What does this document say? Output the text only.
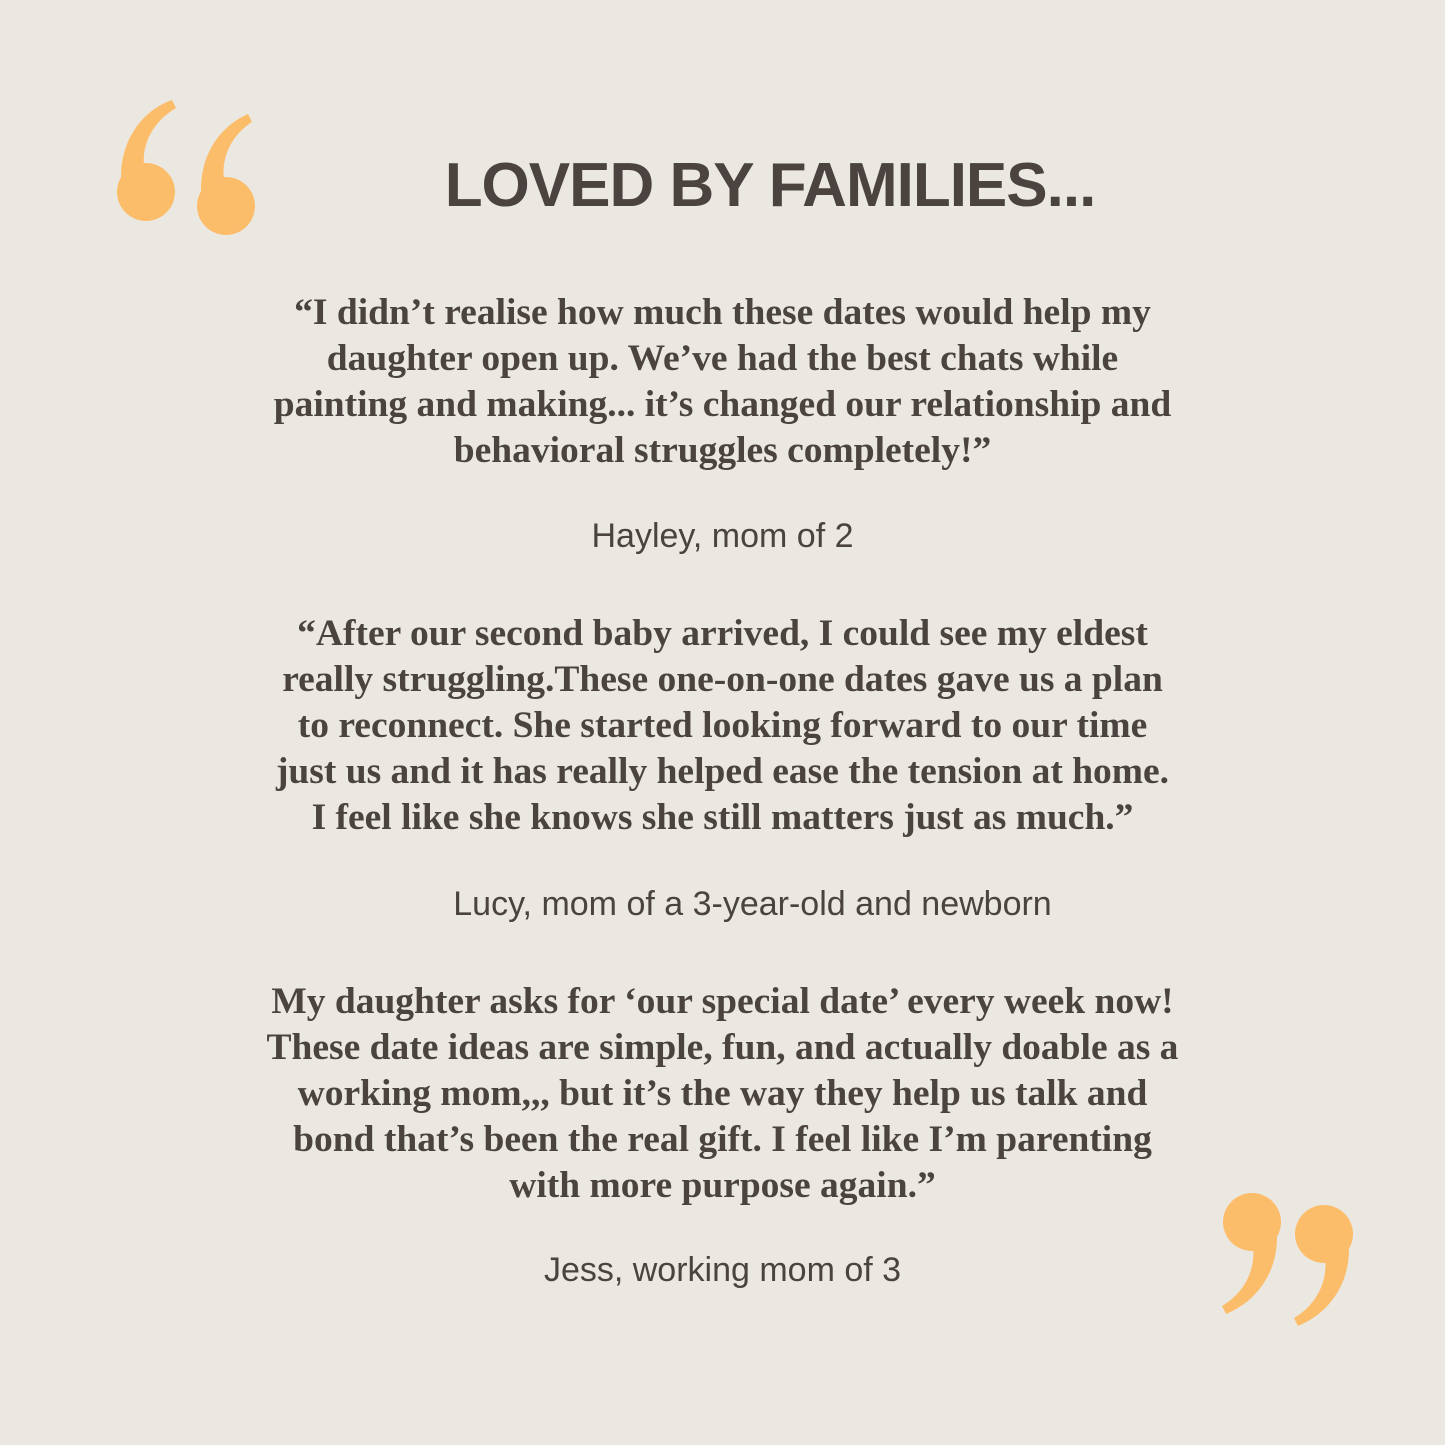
LOVED BY FAMILIES...

“I didn’t realise how much these dates would help my
daughter open up. We’ve had the best chats while
painting and making... it’s changed our relationship and
behavioral struggles completely!”

Hayley, mom of 2

“After our second baby arrived, I could see my eldest
really struggling.These one-on-one dates gave us a plan
to reconnect. She started looking forward to our time
just us and it has really helped ease the tension at home.
I feel like she knows she still matters just as much.”

Lucy, mom of a 3-year-old and newborn

My daughter asks for ‘our special date’ every week now!
These date ideas are simple, fun, and actually doable as a
working mom,,, but it’s the way they help us talk and
bond that’s been the real gift. I feel like I’m parenting
with more purpose again.”

Jess, working mom of 3
